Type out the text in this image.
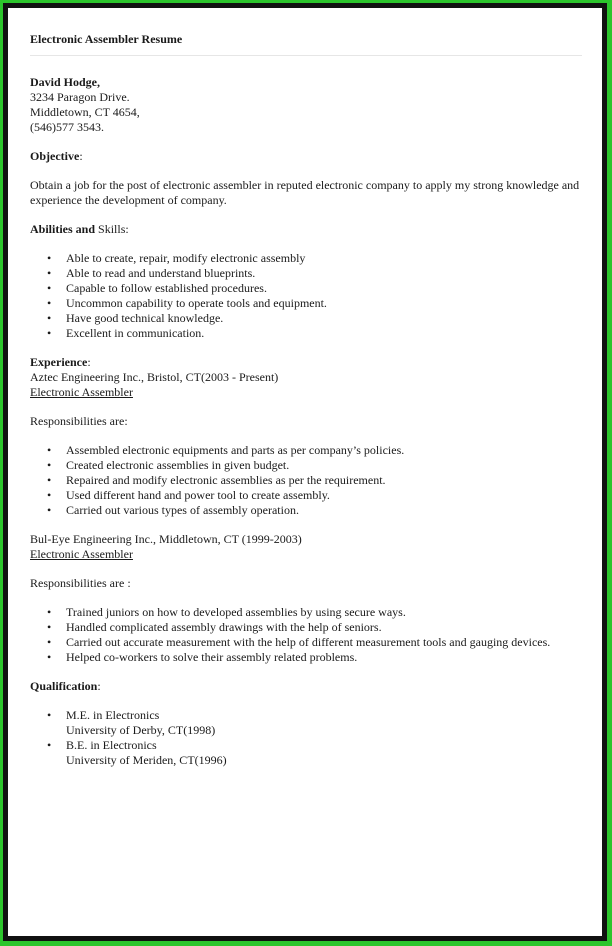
Electronic Assembler Resume
David Hodge,
3234 Paragon Drive.
Middletown, CT 4654,
(546)577 3543.
Objective:
Obtain a job for the post of electronic assembler in reputed electronic company to apply my strong knowledge and experience the development of company.
Abilities and Skills:
• Able to create, repair, modify electronic assembly
• Able to read and understand blueprints.
• Capable to follow established procedures.
• Uncommon capability to operate tools and equipment.
• Have good technical knowledge.
• Excellent in communication.
Experience:
Aztec Engineering Inc., Bristol, CT(2003 - Present)
Electronic Assembler
Responsibilities are:
• Assembled electronic equipments and parts as per company’s policies.
• Created electronic assemblies in given budget.
• Repaired and modify electronic assemblies as per the requirement.
• Used different hand and power tool to create assembly.
• Carried out various types of assembly operation.
Bul-Eye Engineering Inc., Middletown, CT (1999-2003)
Electronic Assembler
Responsibilities are :
• Trained juniors on how to developed assemblies by using secure ways.
• Handled complicated assembly drawings with the help of seniors.
• Carried out accurate measurement with the help of different measurement tools and gauging devices.
• Helped co-workers to solve their assembly related problems.
Qualification:
• M.E. in Electronics
University of Derby, CT(1998)
• B.E. in Electronics
University of Meriden, CT(1996)
